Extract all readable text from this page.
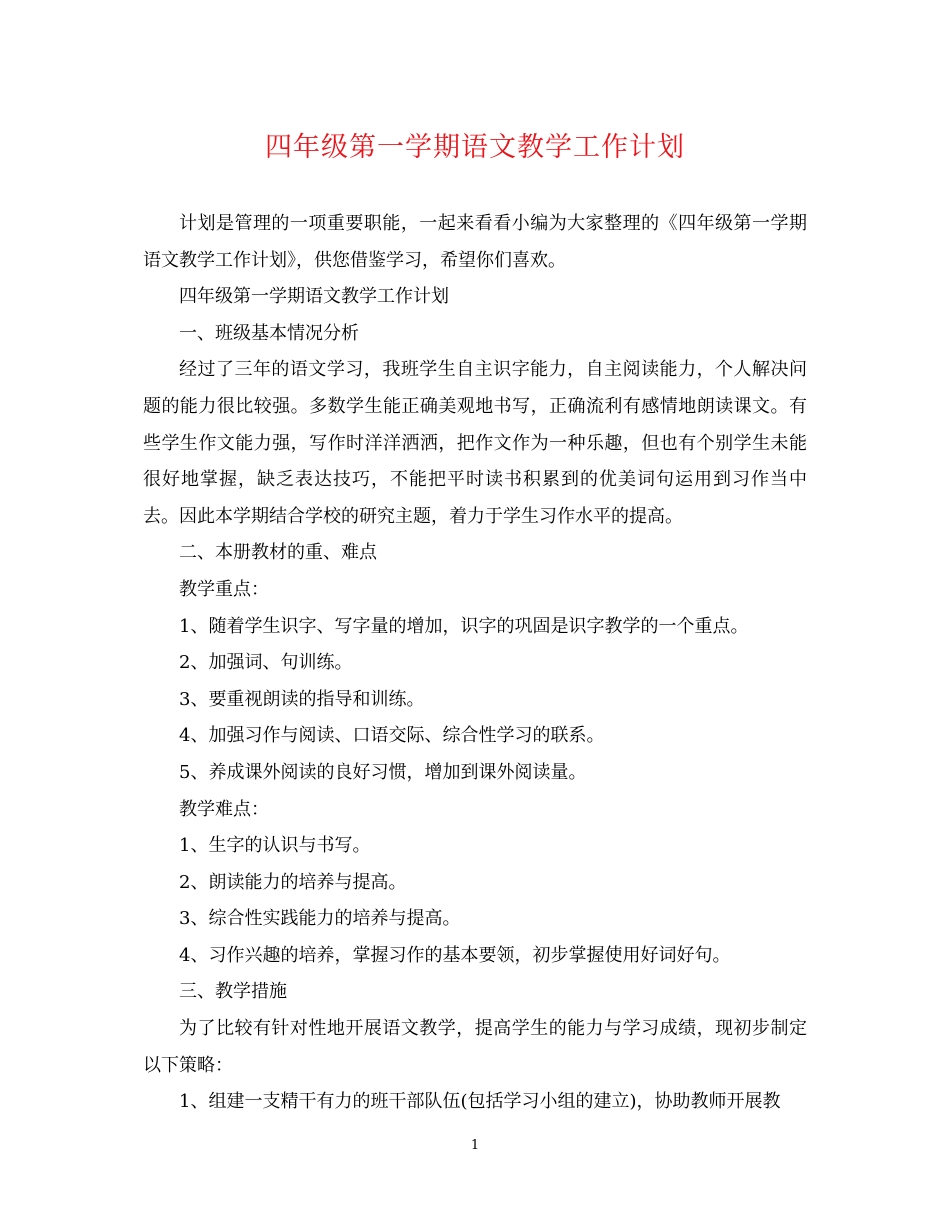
四年级第一学期语文教学工作计划

计划是管理的一项重要职能，一起来看看小编为大家整理的《四年级第一学期语文教学工作计划》，供您借鉴学习，希望你们喜欢。

四年级第一学期语文教学工作计划

一、班级基本情况分析

经过了三年的语文学习，我班学生自主识字能力，自主阅读能力，个人解决问题的能力很比较强。多数学生能正确美观地书写，正确流利有感情地朗读课文。有些学生作文能力强，写作时洋洋洒洒，把作文作为一种乐趣，但也有个别学生未能很好地掌握，缺乏表达技巧，不能把平时读书积累到的优美词句运用到习作当中去。因此本学期结合学校的研究主题，着力于学生习作水平的提高。

二、本册教材的重、难点

教学重点：

1、随着学生识字、写字量的增加，识字的巩固是识字教学的一个重点。

2、加强词、句训练。

3、要重视朗读的指导和训练。

4、加强习作与阅读、口语交际、综合性学习的联系。

5、养成课外阅读的良好习惯，增加到课外阅读量。

教学难点：

1、生字的认识与书写。

2、朗读能力的培养与提高。

3、综合性实践能力的培养与提高。

4、习作兴趣的培养，掌握习作的基本要领，初步掌握使用好词好句。

三、教学措施

为了比较有针对性地开展语文教学，提高学生的能力与学习成绩，现初步制定以下策略：

1、组建一支精干有力的班干部队伍(包括学习小组的建立)，协助教师开展教

1
